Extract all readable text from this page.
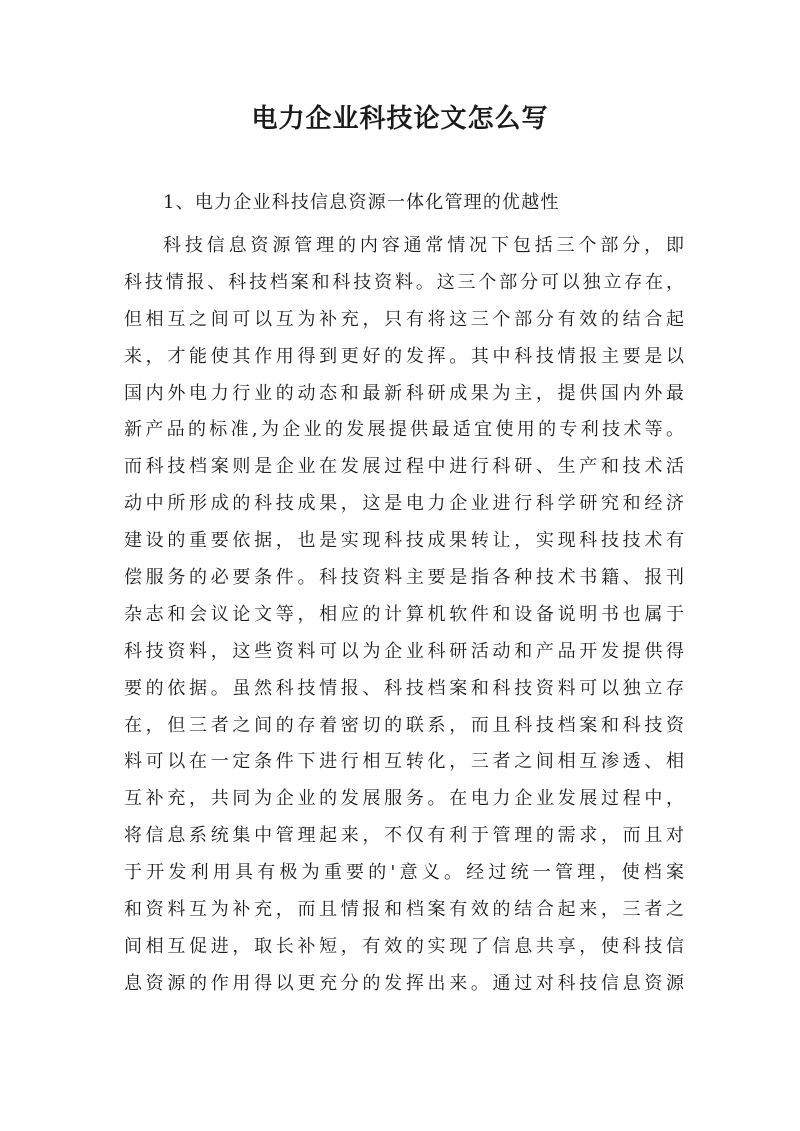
电力企业科技论文怎么写

1、电力企业科技信息资源一体化管理的优越性

科技信息资源管理的内容通常情况下包括三个部分，即
科技情报、科技档案和科技资料。这三个部分可以独立存在，
但相互之间可以互为补充，只有将这三个部分有效的结合起
来，才能使其作用得到更好的发挥。其中科技情报主要是以
国内外电力行业的动态和最新科研成果为主，提供国内外最
新产品的标准,为企业的发展提供最适宜使用的专利技术等。
而科技档案则是企业在发展过程中进行科研、生产和技术活
动中所形成的科技成果，这是电力企业进行科学研究和经济
建设的重要依据，也是实现科技成果转让，实现科技技术有
偿服务的必要条件。科技资料主要是指各种技术书籍、报刊
杂志和会议论文等，相应的计算机软件和设备说明书也属于
科技资料，这些资料可以为企业科研活动和产品开发提供得
要的依据。虽然科技情报、科技档案和科技资料可以独立存
在，但三者之间的存着密切的联系，而且科技档案和科技资
料可以在一定条件下进行相互转化，三者之间相互渗透、相
互补充，共同为企业的发展服务。在电力企业发展过程中，
将信息系统集中管理起来，不仅有利于管理的需求，而且对
于开发利用具有极为重要的'意义。经过统一管理，使档案
和资料互为补充，而且情报和档案有效的结合起来，三者之
间相互促进，取长补短，有效的实现了信息共享，使科技信
息资源的作用得以更充分的发挥出来。通过对科技信息资源
